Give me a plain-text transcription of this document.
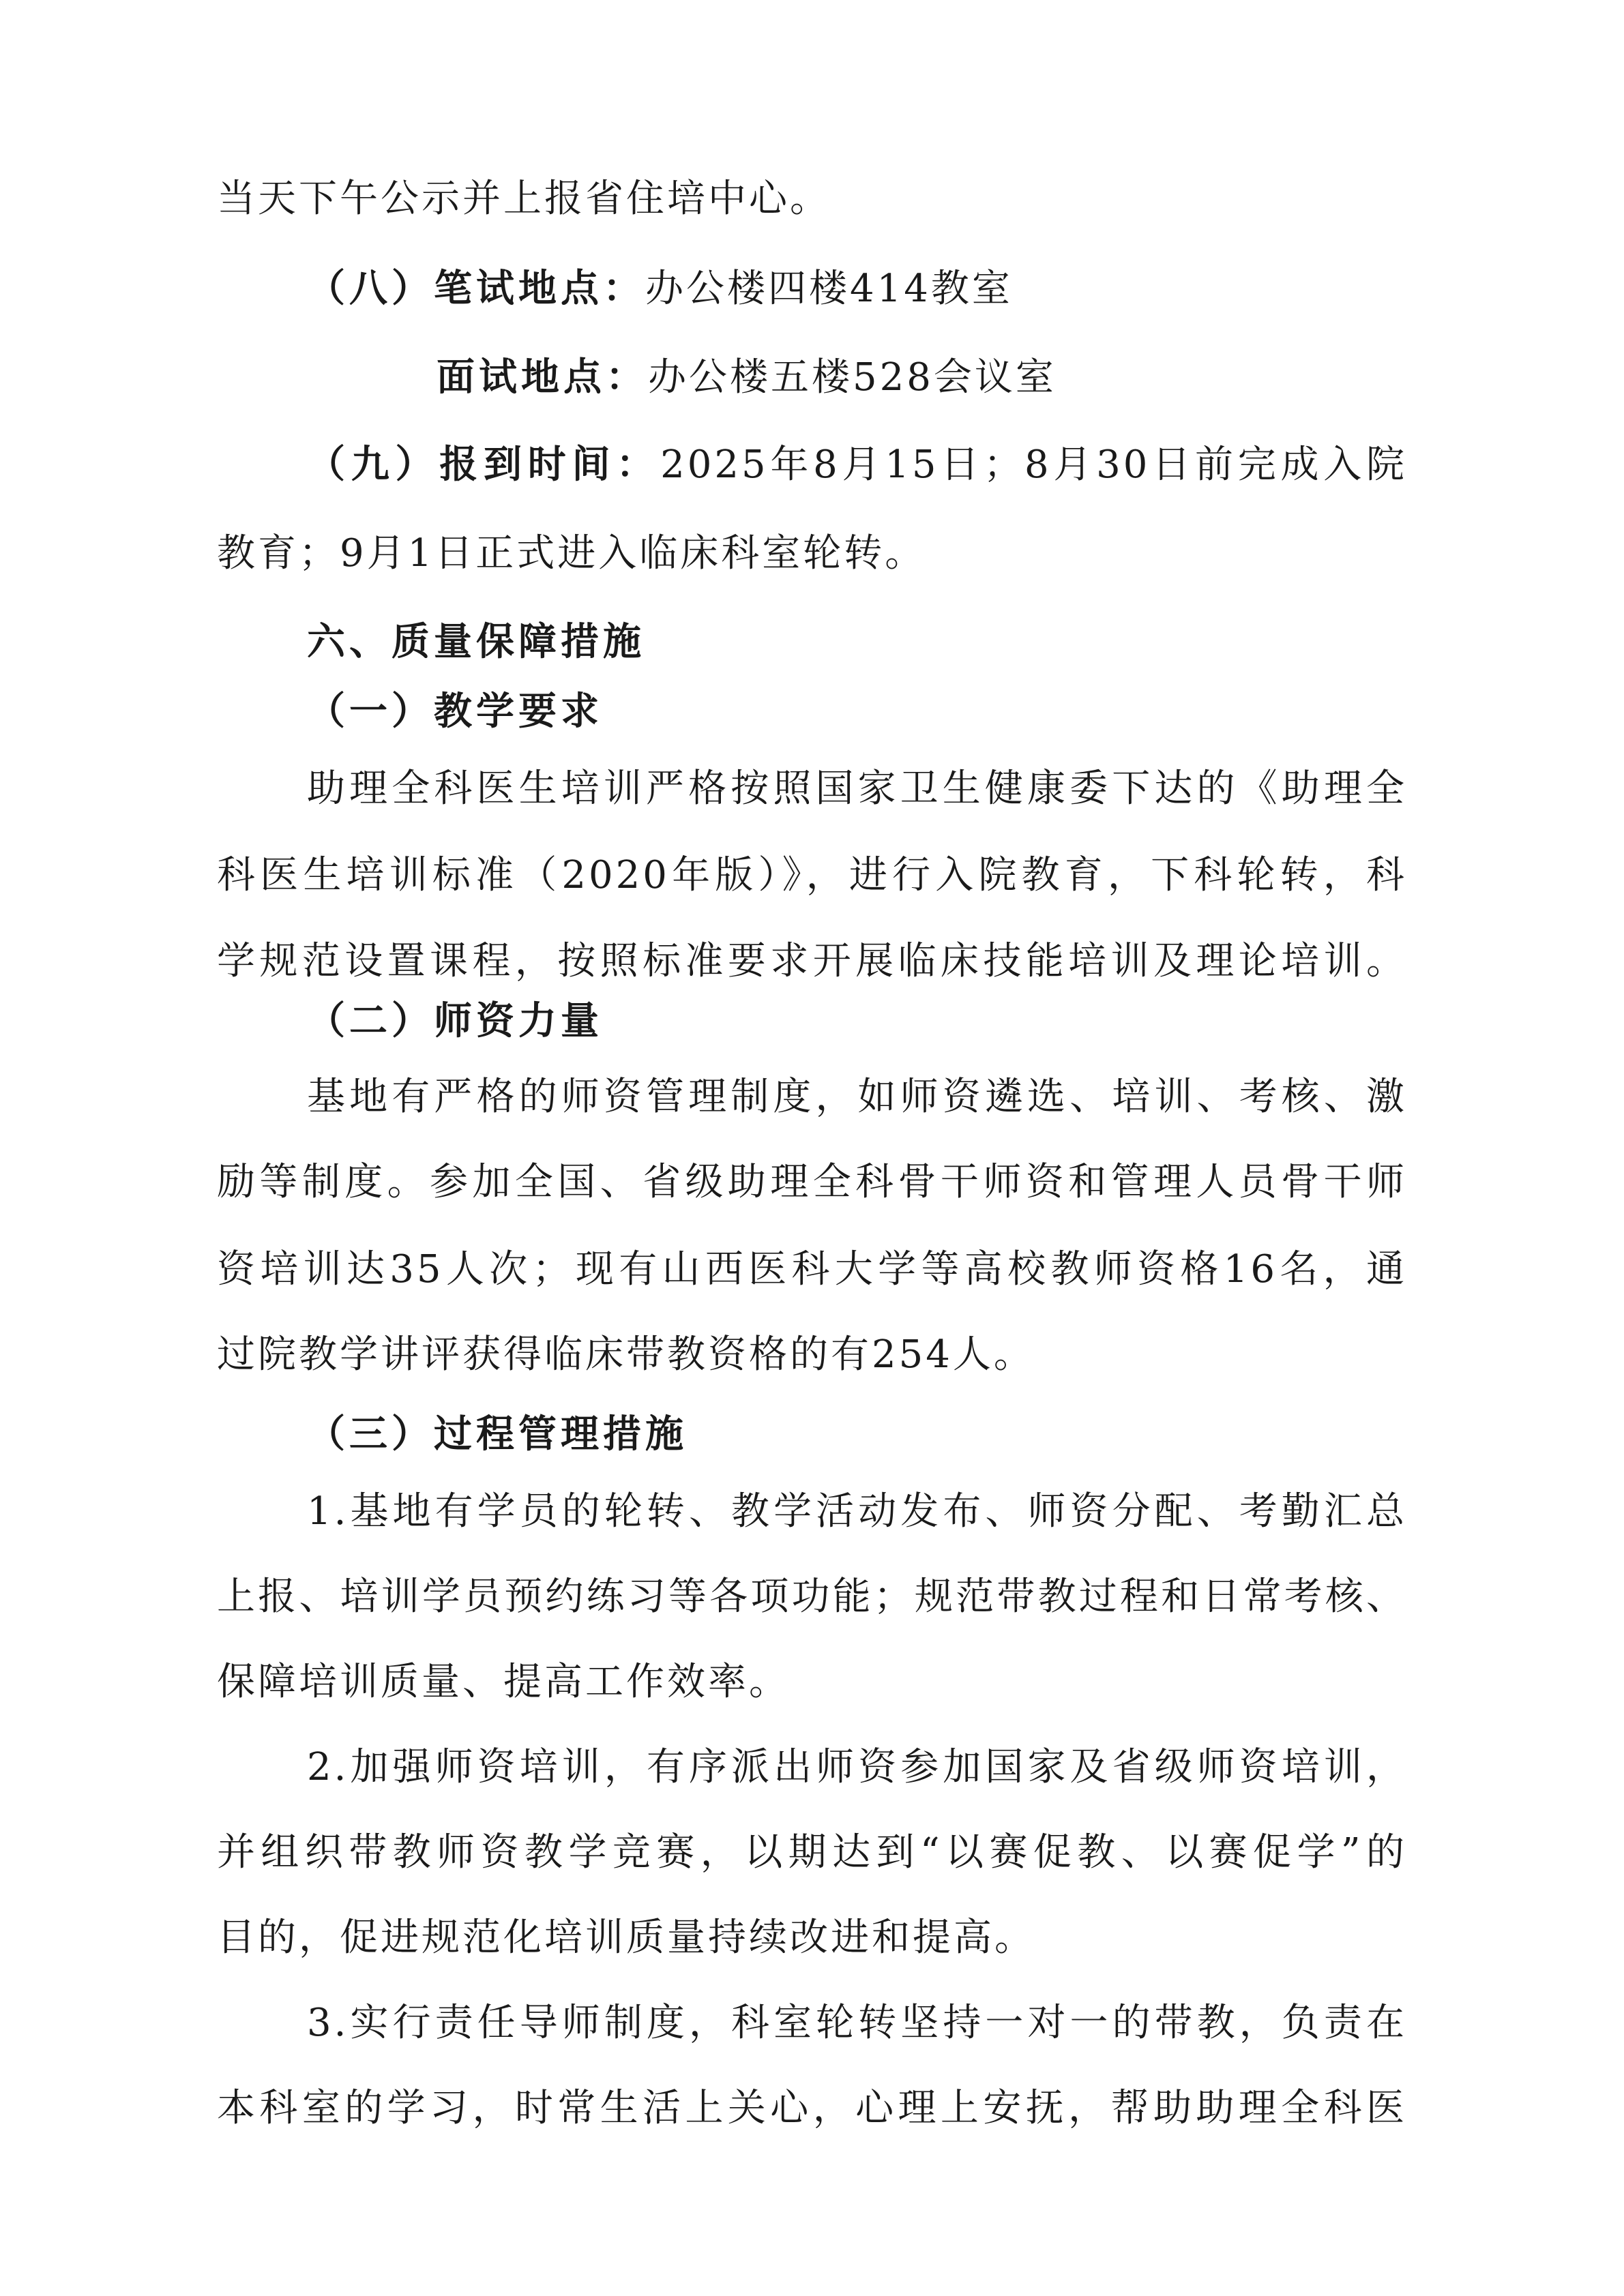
当天下午公示并上报省住培中心。
（八）笔试地点：办公楼四楼414教室
面试地点：办公楼五楼528会议室
（九）报到时间：2025年8月15日；8月30日前完成入院
教育；9月1日正式进入临床科室轮转。
六、质量保障措施
（一）教学要求
助理全科医生培训严格按照国家卫生健康委下达的《助理全
科医生培训标准（2020年版）》，进行入院教育，下科轮转，科
学规范设置课程，按照标准要求开展临床技能培训及理论培训。
（二）师资力量
基地有严格的师资管理制度，如师资遴选、培训、考核、激
励等制度。参加全国、省级助理全科骨干师资和管理人员骨干师
资培训达35人次；现有山西医科大学等高校教师资格16名，通
过院教学讲评获得临床带教资格的有254人。
（三）过程管理措施
1.基地有学员的轮转、教学活动发布、师资分配、考勤汇总
上报、培训学员预约练习等各项功能；规范带教过程和日常考核、
保障培训质量、提高工作效率。
2.加强师资培训，有序派出师资参加国家及省级师资培训，
并组织带教师资教学竞赛，以期达到“以赛促教、以赛促学”的
目的，促进规范化培训质量持续改进和提高。
3.实行责任导师制度，科室轮转坚持一对一的带教，负责在
本科室的学习，时常生活上关心，心理上安抚，帮助助理全科医
